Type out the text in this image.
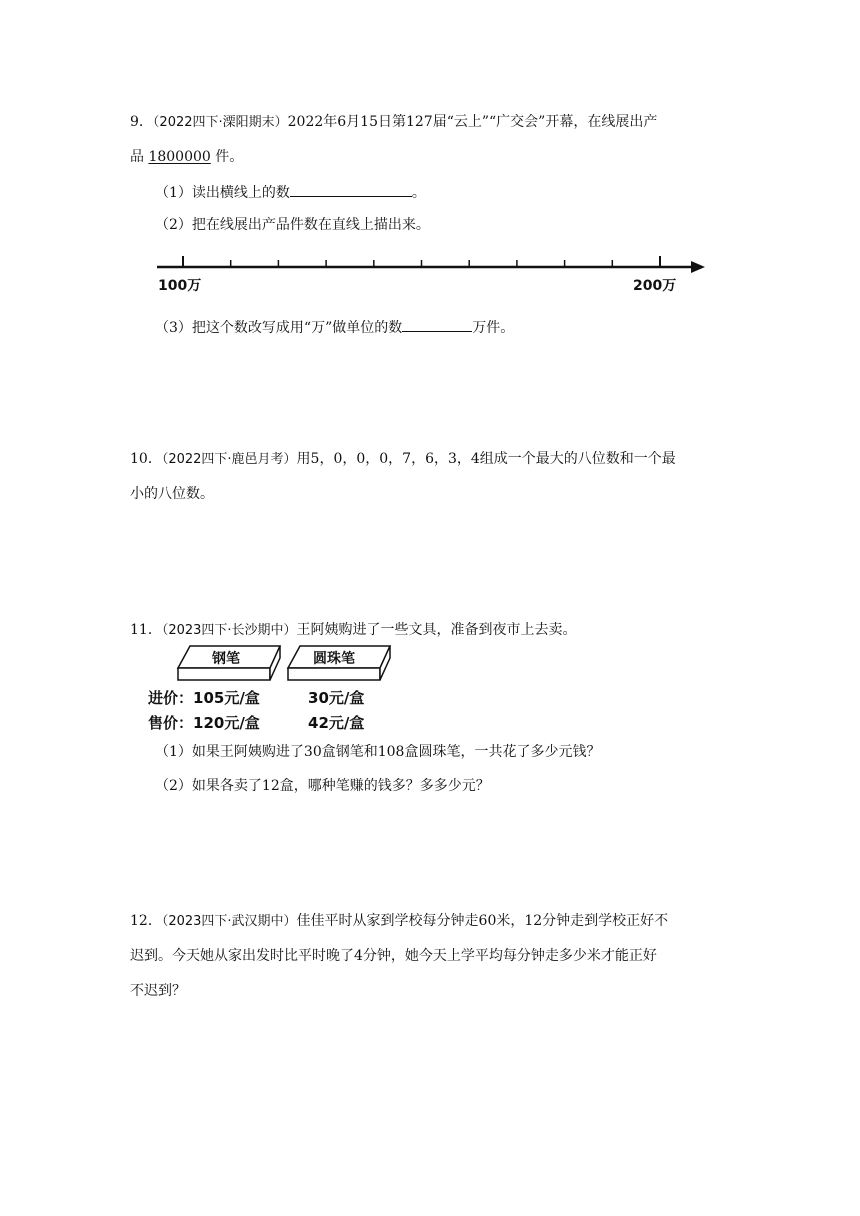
9．（2022四下·溧阳期末）2022年6月15日第127届“云上”“广交会”开幕，在线展出产
品 1800000 件。
（1）读出横线上的数	。
（2）把在线展出产品件数在直线上描出来。
100万	200万
（3）把这个数改写成用“万”做单位的数	万件。
10．（2022四下·鹿邑月考）用5，0，0，0，7，6，3，4组成一个最大的八位数和一个最
小的八位数。
11．（2023四下·长沙期中）王阿姨购进了一些文具，准备到夜市上去卖。
钢笔	圆珠笔
进价：105元/盒	30元/盒
售价：120元/盒	42元/盒
（1）如果王阿姨购进了30盒钢笔和108盒圆珠笔，一共花了多少元钱？
（2）如果各卖了12盒，哪种笔赚的钱多？多多少元？
12．（2023四下·武汉期中）佳佳平时从家到学校每分钟走60米，12分钟走到学校正好不
迟到。今天她从家出发时比平时晚了4分钟，她今天上学平均每分钟走多少米才能正好
不迟到？
